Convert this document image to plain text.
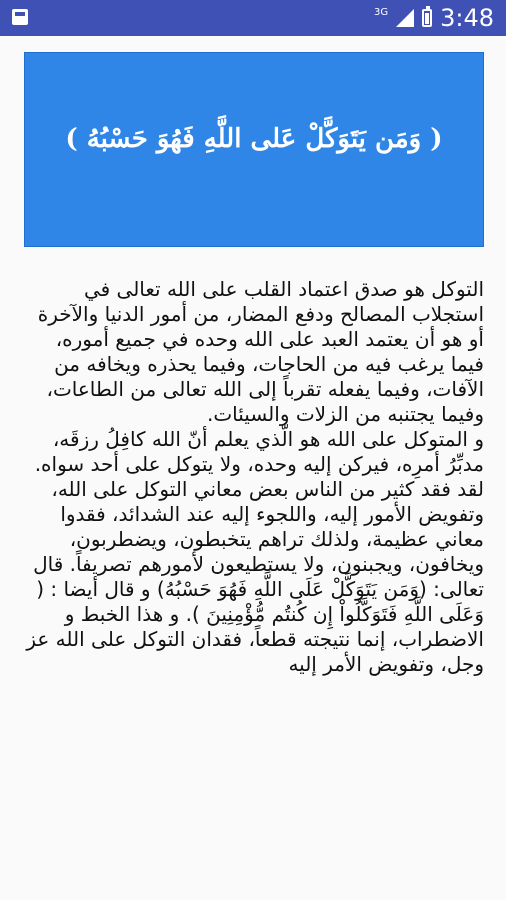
3G 3:48
( وَمَن يَتَوَكَّلْ عَلى اللَّهِ فَهُوَ حَسْبُهُ )
التوكل هو صدق اعتماد القلب على الله تعالى في استجلاب المصالح ودفع المضار، من أمور الدنيا والآخرة أو هو أن يعتمد العبد على الله وحده في جميع أموره، فيما يرغب فيه من الحاجات، وفيما يحذره ويخافه من الآفات، وفيما يفعله تقرباً إلى الله تعالى من الطاعات، وفيما يجتنبه من الزلات والسيئات.
و المتوكل على الله هو الّذي يعلم أنّ الله كافِلُ رزقَه، مدبِّرُ أمرِه، فيركن إليه وحده، ولا يتوكل على أحد سواه.
لقد فقد كثير من الناس بعض معاني التوكل على الله، وتفويض الأمور إليه، واللجوء إليه عند الشدائد، فقدوا معاني عظيمة، ولذلك تراهم يتخبطون، ويضطربون، ويخافون، ويجبنون، ولا يستطيعون لأمورهم تصريفاً. قال تعالى: (وَمَن يَتَوَكَّلْ عَلَى اللَّهِ فَهُوَ حَسْبُهُ) و قال أيضا : ( وَعَلَى اللَّهِ فَتَوَكَّلُواْ إِن كُنتُم مُّؤْمِنِينَ ). و هذا الخبط و الاضطراب، إنما نتيجته قطعاً، فقدان التوكل على الله عز وجل، وتفويض الأمر إليه
